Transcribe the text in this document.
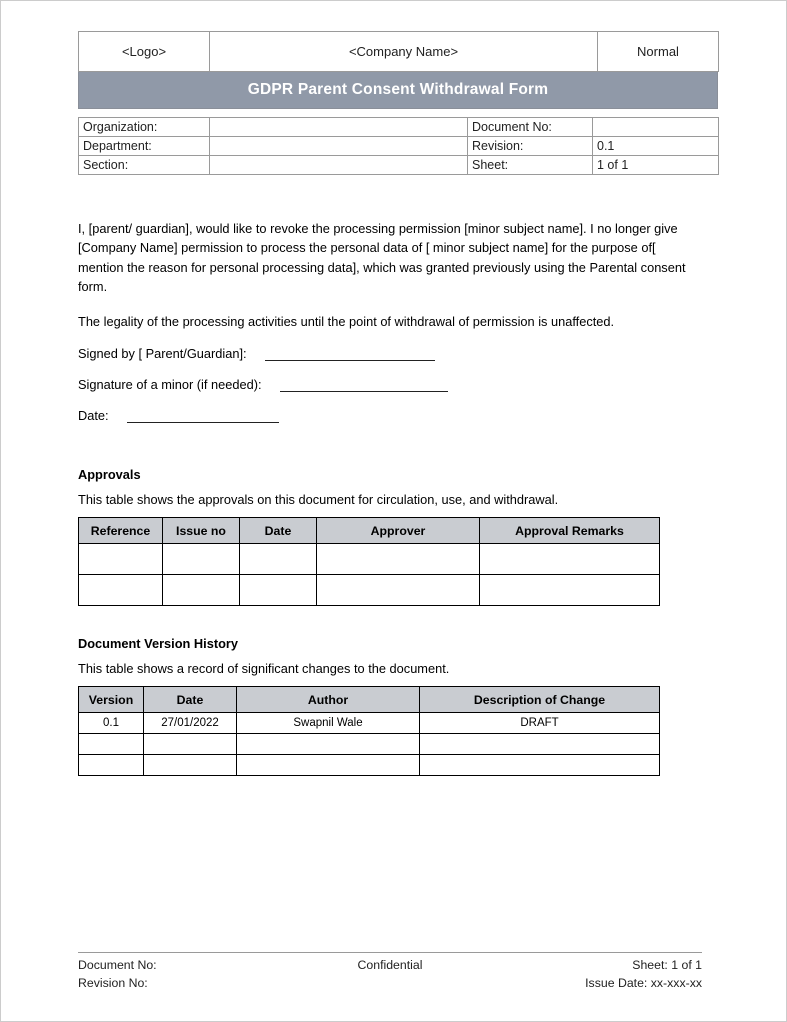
<Logo>	<Company Name>	Normal
GDPR Parent Consent Withdrawal Form
Organization:		Document No:	
Department:		Revision:	0.1
Section:		Sheet:	1 of 1

I, [parent/ guardian], would like to revoke the processing permission [minor subject name]. I no longer give [Company Name] permission to process the personal data of [ minor subject name] for the purpose of[ mention the reason for personal processing data], which was granted previously using the Parental consent form.

The legality of the processing activities until the point of withdrawal of permission is unaffected.

Signed by [ Parent/Guardian]:
Signature of a minor (if needed):
Date:
Approvals

This table shows the approvals on this document for circulation, use, and withdrawal.

Reference	Issue no	Date	Approver	Approval Remarks

Document Version History

This table shows a record of significant changes to the document.

Version	Date	Author	Description of Change
0.1	27/01/2022	Swapnil Wale	DRAFT

Document No:	Confidential	Sheet: 1 of 1
Revision No:	Issue Date: xx-xxx-xx
